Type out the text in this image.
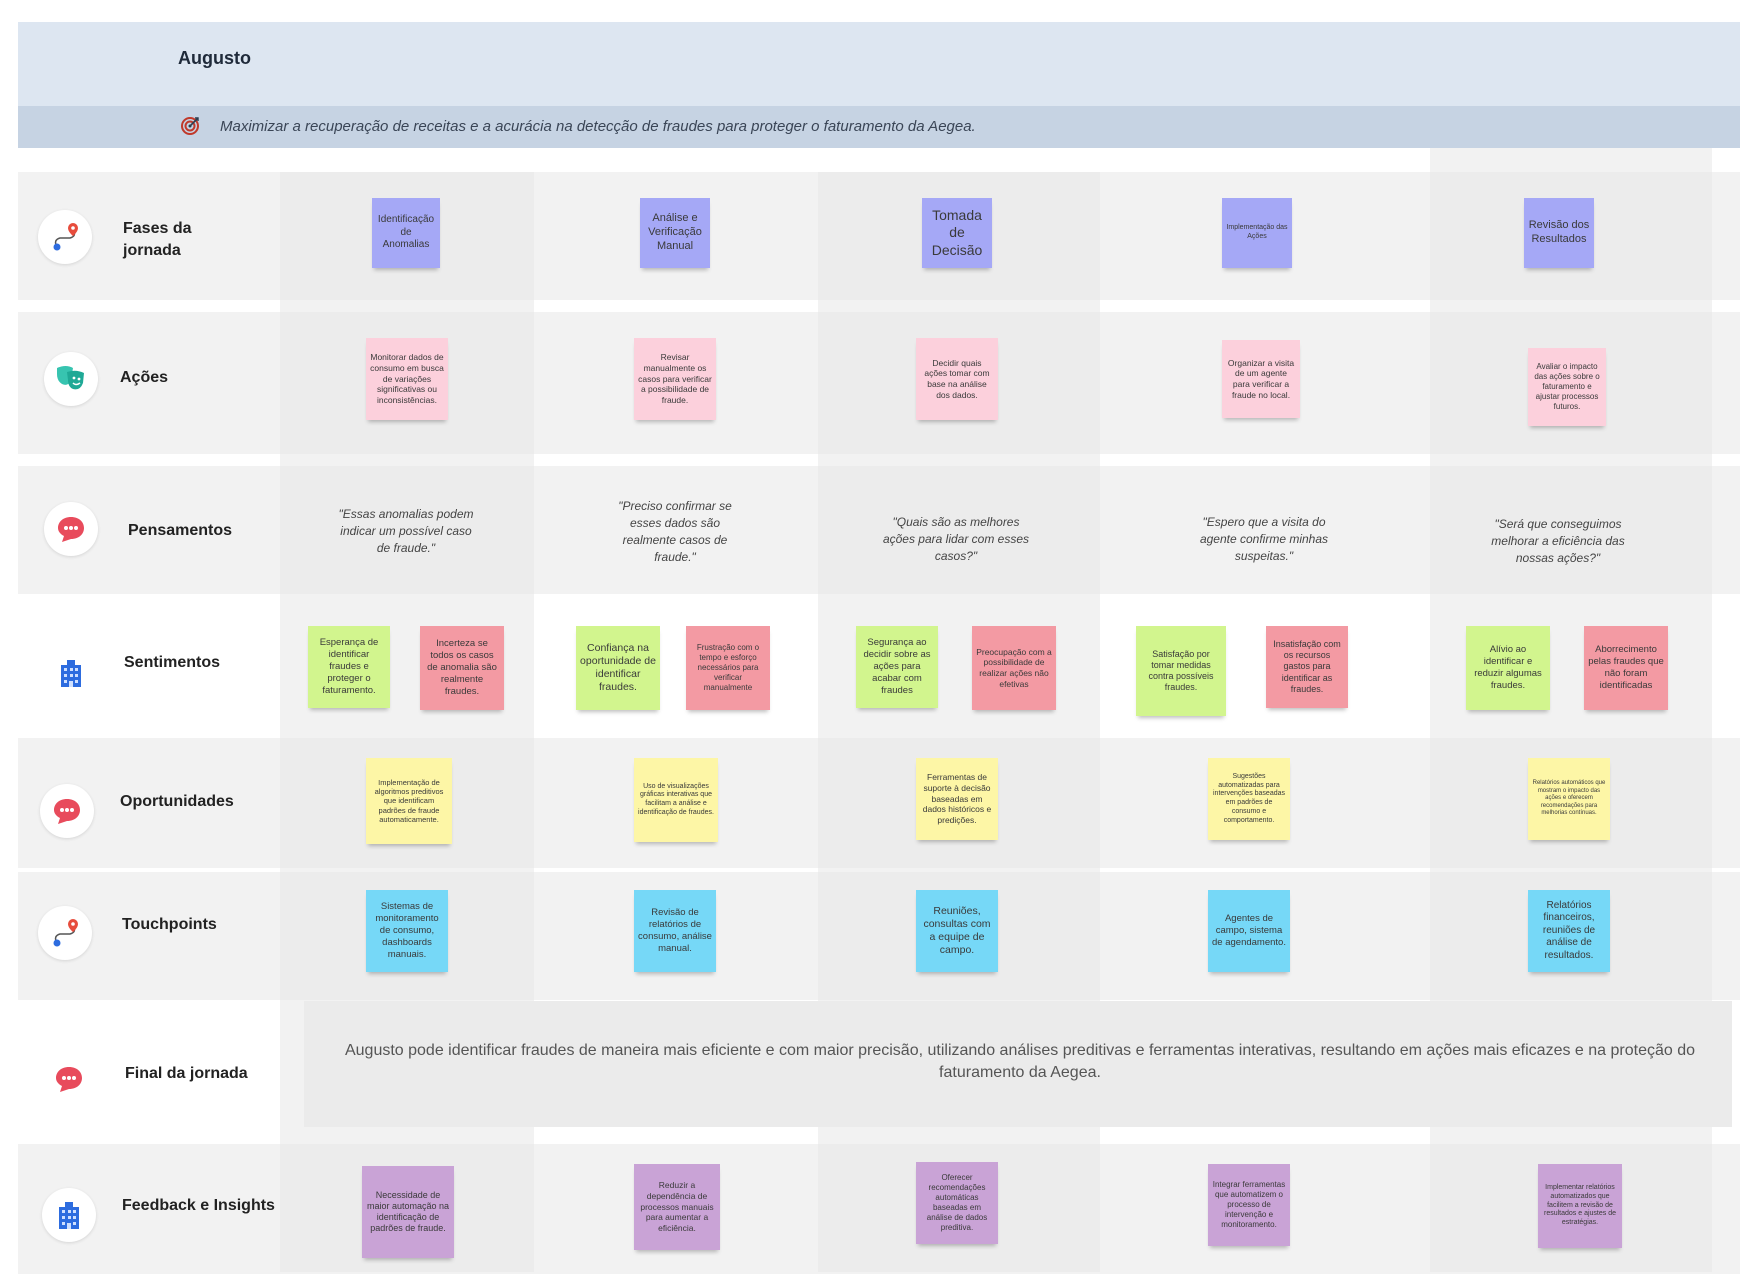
Augusto
Maximizar a recuperação de receitas e a acurácia na detecção de fraudes para proteger o faturamento da Aegea.
Fases da
jornada
Ações
Pensamentos
Sentimentos
Oportunidades
Touchpoints
Final da jornada
Feedback e Insights
Identificação de Anomalias
Análise e Verificação Manual
Tomada de Decisão
Implementação das Ações
Revisão dos Resultados
Monitorar dados de consumo em busca de variações significativas ou inconsistências.
Revisar manualmente os casos para verificar a possibilidade de fraude.
Decidir quais ações tomar com base na análise dos dados.
Organizar a visita de um agente para verificar a fraude no local.
Avaliar o impacto das ações sobre o faturamento e ajustar processos futuros.
"Essas anomalias podem indicar um possível caso de fraude."
"Preciso confirmar se esses dados são realmente casos de fraude."
"Quais são as melhores ações para lidar com esses casos?"
"Espero que a visita do agente confirme minhas suspeitas."
"Será que conseguimos melhorar a eficiência das nossas ações?"
Esperança de identificar fraudes e proteger o faturamento.
Incerteza se todos os casos de anomalia são realmente fraudes.
Confiança na oportunidade de identificar fraudes.
Frustração com o tempo e esforço necessários para verificar manualmente
Segurança ao decidir sobre as ações para acabar com fraudes
Preocupação com a possibilidade de realizar ações não efetivas
Satisfação por tomar medidas contra possíveis fraudes.
Insatisfação com os recursos gastos para identificar as fraudes.
Alívio ao identificar e reduzir algumas fraudes.
Aborrecimento pelas fraudes que não foram identificadas
Implementação de algoritmos preditivos que identificam padrões de fraude automaticamente.
Uso de visualizações gráficas interativas que facilitam a análise e identificação de fraudes.
Ferramentas de suporte à decisão baseadas em dados históricos e predições.
Sugestões automatizadas para intervenções baseadas em padrões de consumo e comportamento.
Relatórios automáticos que mostram o impacto das ações e oferecem recomendações para melhorias contínuas.
Sistemas de monitoramento de consumo, dashboards manuais.
Revisão de relatórios de consumo, análise manual.
Reuniões, consultas com a equipe de campo.
Agentes de campo, sistema de agendamento.
Relatórios financeiros, reuniões de análise de resultados.
Augusto pode identificar fraudes de maneira mais eficiente e com maior precisão, utilizando análises preditivas e ferramentas interativas, resultando em ações mais eficazes e na proteção do faturamento da Aegea.
Necessidade de maior automação na identificação de padrões de fraude.
Reduzir a dependência de processos manuais para aumentar a eficiência.
Oferecer recomendações automáticas baseadas em análise de dados preditiva.
Integrar ferramentas que automatizem o processo de intervenção e monitoramento.
Implementar relatórios automatizados que facilitem a revisão de resultados e ajustes de estratégias.
